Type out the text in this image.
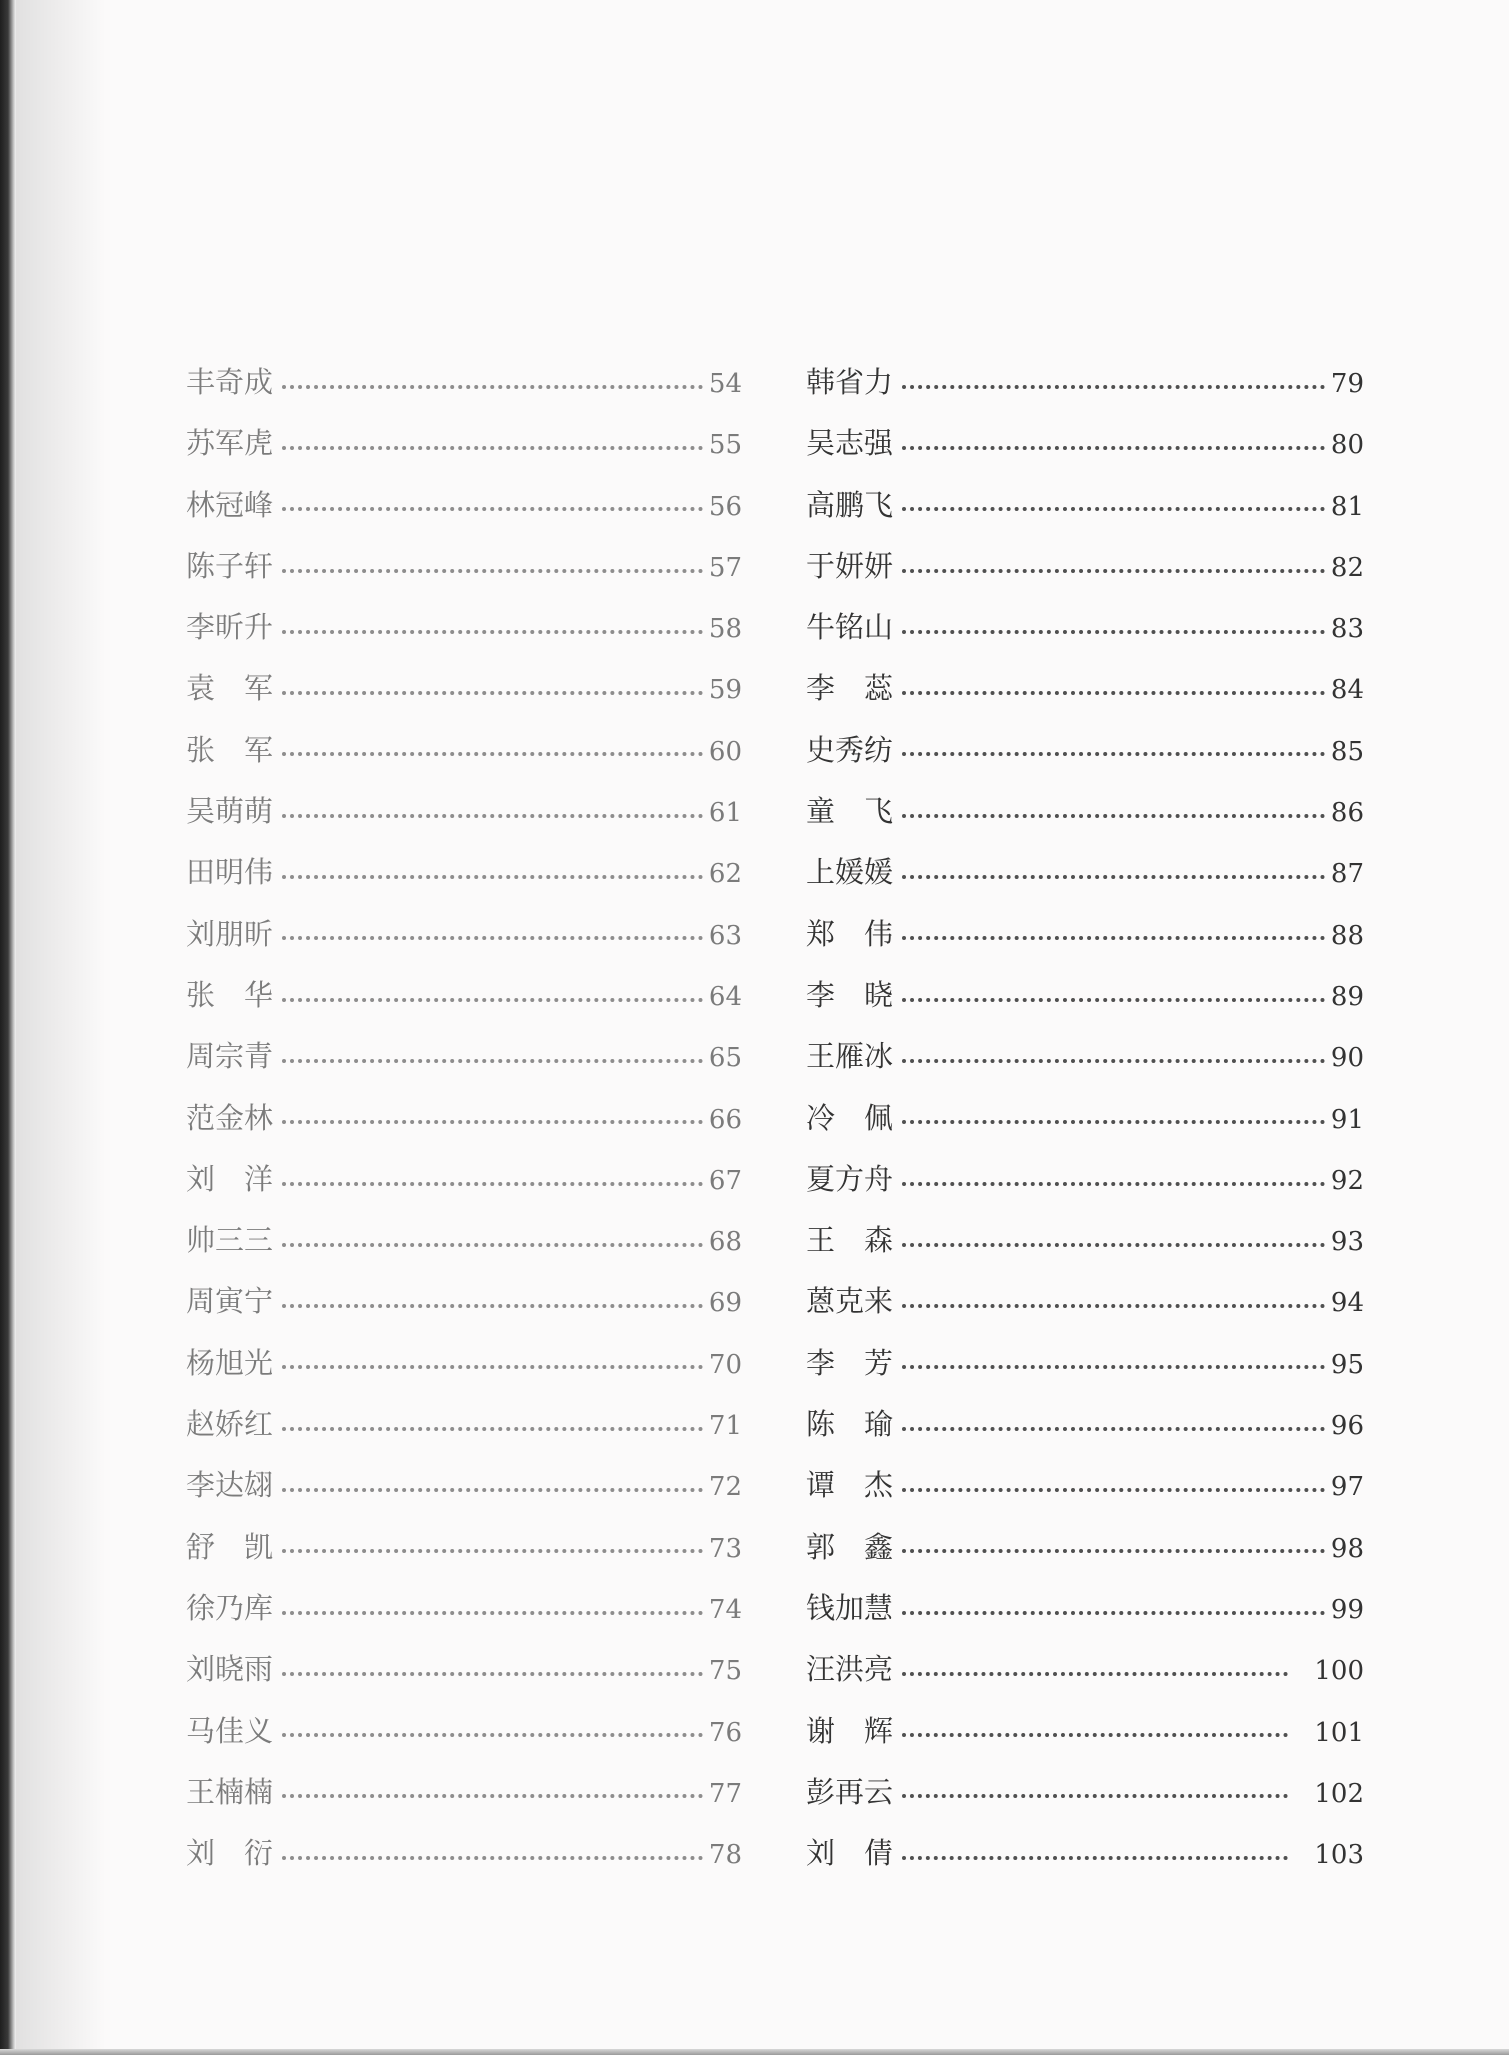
丰奇成	54
苏军虎	55
林冠峰	56
陈子轩	57
李昕升	58
袁　军	59
张　军	60
吴萌萌	61
田明伟	62
刘朋昕	63
张　华	64
周宗青	65
范金林	66
刘　洋	67
帅三三	68
周寅宁	69
杨旭光	70
赵娇红	71
李达翃	72
舒　凯	73
徐乃库	74
刘晓雨	75
马佳义	76
王楠楠	77
刘　衍	78
韩省力	79
吴志强	80
高鹏飞	81
于妍妍	82
牛铭山	83
李　蕊	84
史秀纺	85
童　飞	86
上媛媛	87
郑　伟	88
李　晓	89
王雁冰	90
冷　佩	91
夏方舟	92
王　森	93
蒽克来	94
李　芳	95
陈　瑜	96
谭　杰	97
郭　鑫	98
钱加慧	99
汪洪亮	100
谢　辉	101
彭再云	102
刘　倩	103
